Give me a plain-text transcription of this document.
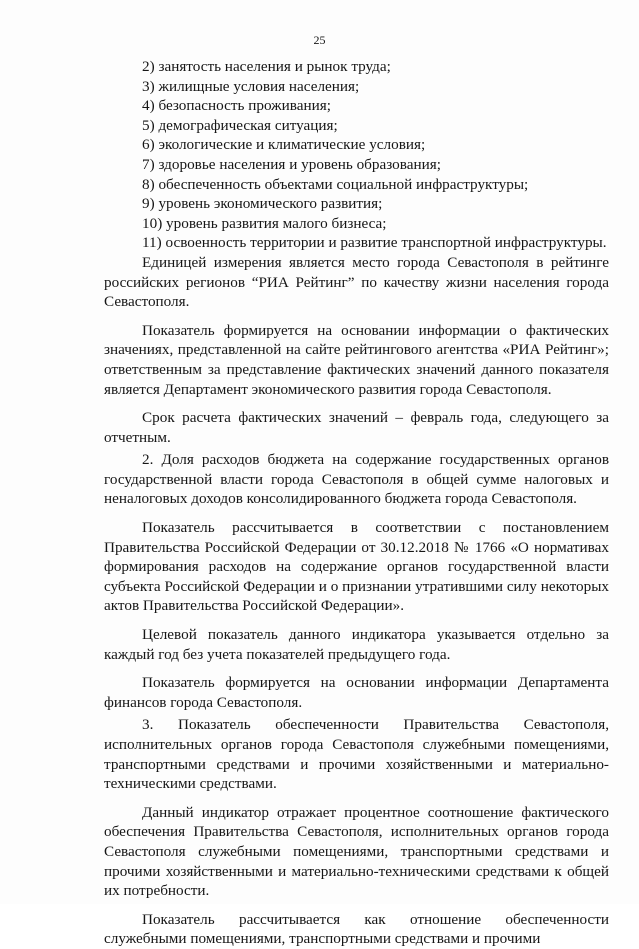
25

2) занятость населения и рынок труда;

3) жилищные условия населения;

4) безопасность проживания;

5) демографическая ситуация;

6) экологические и климатические условия;

7) здоровье населения и уровень образования;

8) обеспеченность объектами социальной инфраструктуры;

9) уровень экономического развития;

10) уровень развития малого бизнеса;

11) освоенность территории и развитие транспортной инфраструктуры.

Единицей измерения является место города Севастополя в рейтинге российских регионов “РИА Рейтинг” по качеству жизни населения города Севастополя.

Показатель формируется на основании информации о фактических значениях, представленной на сайте рейтингового агентства «РИА Рейтинг»; ответственным за представление фактических значений данного показателя является Департамент экономического развития города Севастополя.

Срок расчета фактических значений – февраль года, следующего за отчетным.

2. Доля расходов бюджета на содержание государственных органов государственной власти города Севастополя в общей сумме налоговых и неналоговых доходов консолидированного бюджета города Севастополя.

Показатель рассчитывается в соответствии с постановлением Правительства Российской Федерации от 30.12.2018 № 1766 «О нормативах формирования расходов на содержание органов государственной власти субъекта Российской Федерации и о признании утратившими силу некоторых актов Правительства Российской Федерации».

Целевой показатель данного индикатора указывается отдельно за каждый год без учета показателей предыдущего года.

Показатель формируется на основании информации Департамента финансов города Севастополя.

3. Показатель обеспеченности Правительства Севастополя, исполнительных органов города Севастополя служебными помещениями, транспортными средствами и прочими хозяйственными и материально-техническими средствами.

Данный индикатор отражает процентное соотношение фактического обеспечения Правительства Севастополя, исполнительных органов города Севастополя служебными помещениями, транспортными средствами и прочими хозяйственными и материально-техническими средствами к общей их потребности.

Показатель рассчитывается как отношение обеспеченности служебными помещениями, транспортными средствами и прочими
